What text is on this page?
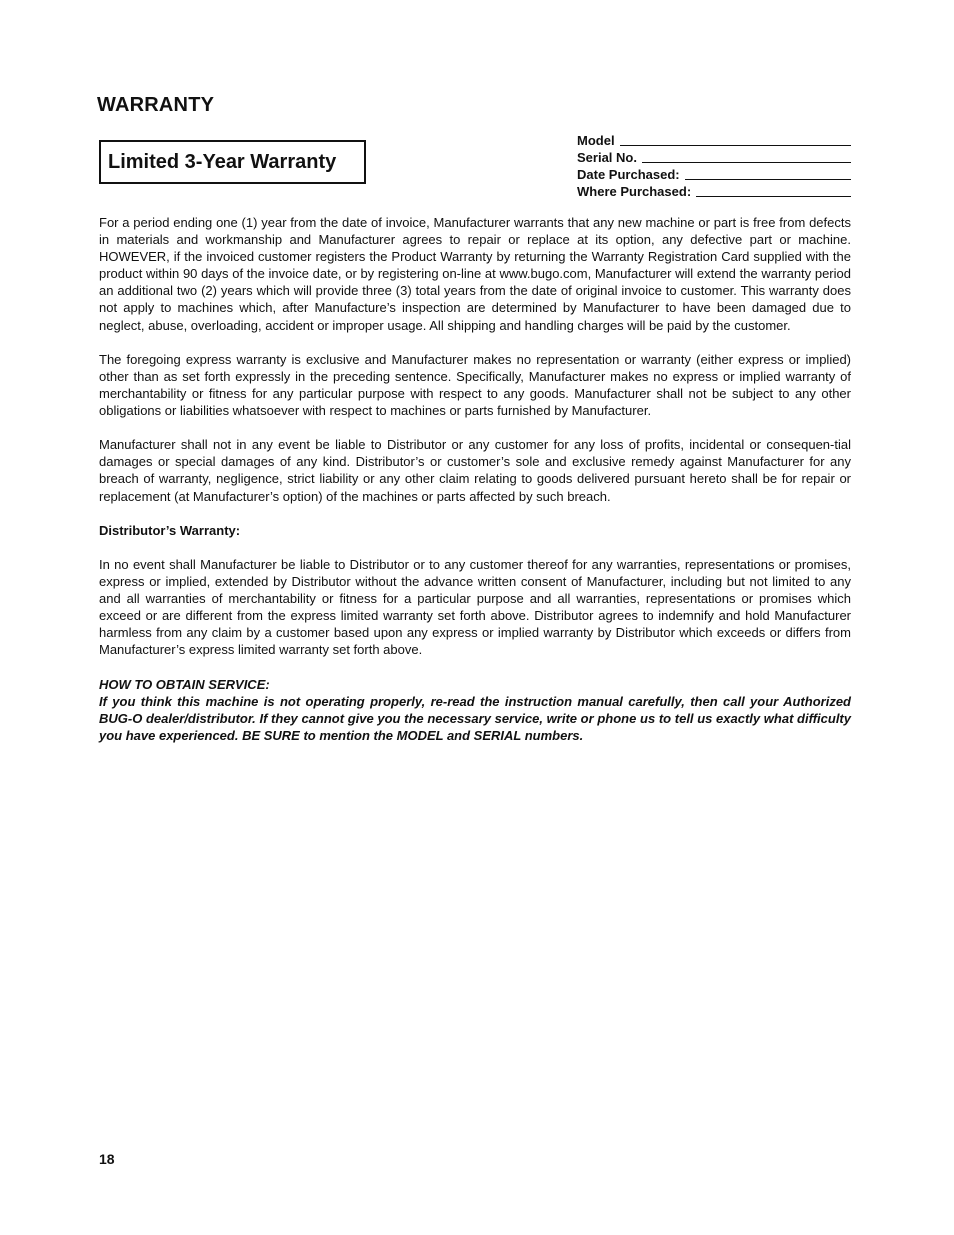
WARRANTY
Limited 3-Year Warranty
Model
Serial No.
Date Purchased:
Where Purchased:

For a period ending one (1) year from the date of invoice, Manufacturer warrants that any new machine or part is free from defects in materials and workmanship and Manufacturer agrees to repair or replace at its option, any defective part or machine. HOWEVER, if the invoiced customer registers the Product Warranty by returning the Warranty Registration Card supplied with the product within 90 days of the invoice date, or by registering on-line at www.bugo.com, Manufacturer will extend the warranty period an additional two (2) years which will provide three (3) total years from the date of original invoice to customer. This warranty does not apply to machines which, after Manufacture’s inspection are determined by Manufacturer to have been damaged due to neglect, abuse, overloading, accident or improper usage. All shipping and handling charges will be paid by the customer.

The foregoing express warranty is exclusive and Manufacturer makes no representation or warranty (either express or implied) other than as set forth expressly in the preceding sentence. Specifically, Manufacturer makes no express or implied warranty of merchantability or fitness for any particular purpose with respect to any goods. Manufacturer shall not be subject to any other obligations or liabilities whatsoever with respect to machines or parts furnished by Manufacturer.

Manufacturer shall not in any event be liable to Distributor or any customer for any loss of profits, incidental or consequen-tial damages or special damages of any kind. Distributor’s or customer’s sole and exclusive remedy against Manufacturer for any breach of warranty, negligence, strict liability or any other claim relating to goods delivered pursuant hereto shall be for repair or replacement (at Manufacturer’s option) of the machines or parts affected by such breach.

Distributor’s Warranty:

In no event shall Manufacturer be liable to Distributor or to any customer thereof for any warranties, representations or promises, express or implied, extended by Distributor without the advance written consent of Manufacturer, including but not limited to any and all warranties of merchantability or fitness for a particular purpose and all warranties, representations or promises which exceed or are different from the express limited warranty set forth above. Distributor agrees to indemnify and hold Manufacturer harmless from any claim by a customer based upon any express or implied warranty by Distributor which exceeds or differs from Manufacturer’s express limited warranty set forth above.

HOW TO OBTAIN SERVICE:

If you think this machine is not operating properly, re-read the instruction manual carefully, then call your Authorized BUG-O dealer/distributor. If they cannot give you the necessary service, write or phone us to tell us exactly what difficulty you have experienced. BE SURE to mention the MODEL and SERIAL numbers.

18
